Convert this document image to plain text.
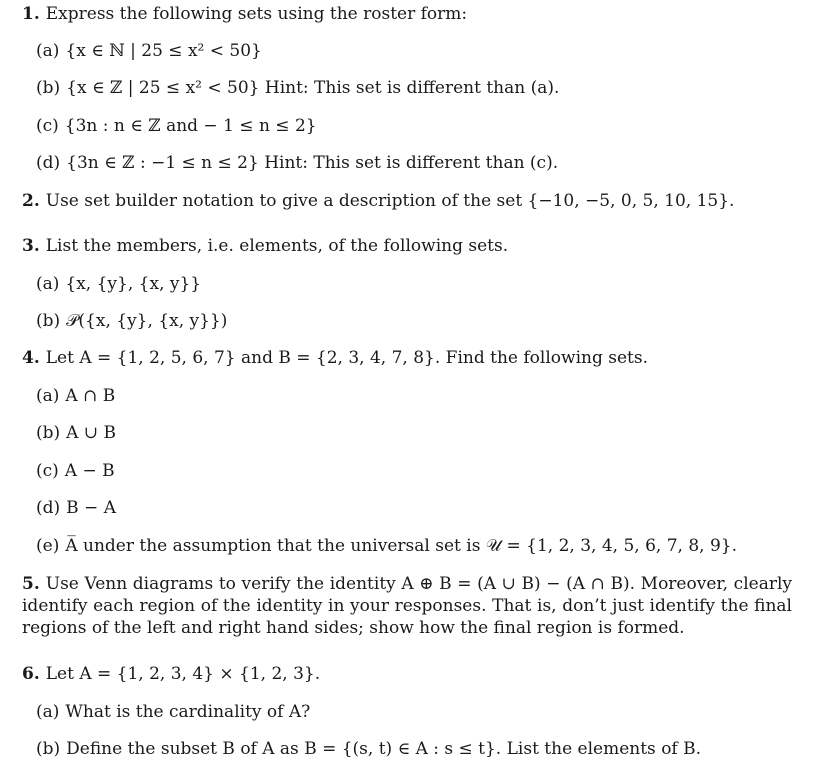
1. Express the following sets using the roster form:
(a) {x ∈ ℕ | 25 ≤ x² < 50}
(b) {x ∈ ℤ | 25 ≤ x² < 50} Hint: This set is different than (a).
(c) {3n : n ∈ ℤ and − 1 ≤ n ≤ 2}
(d) {3n ∈ ℤ : −1 ≤ n ≤ 2} Hint: This set is different than (c).
2. Use set builder notation to give a description of the set {−10, −5, 0, 5, 10, 15}.
3. List the members, i.e. elements, of the following sets.
(a) {x, {y}, {x, y}}
(b) 𝒫({x, {y}, {x, y}})
4. Let A = {1, 2, 5, 6, 7} and B = {2, 3, 4, 7, 8}. Find the following sets.
(a) A ∩ B
(b) A ∪ B
(c) A − B
(d) B − A
(e) A̅ under the assumption that the universal set is 𝒰 = {1, 2, 3, 4, 5, 6, 7, 8, 9}.
5. Use Venn diagrams to verify the identity A ⊕ B = (A ∪ B) − (A ∩ B). Moreover, clearly identify each region of the identity in your responses. That is, don’t just identify the final regions of the left and right hand sides; show how the final region is formed.
6. Let A = {1, 2, 3, 4} × {1, 2, 3}.
(a) What is the cardinality of A?
(b) Define the subset B of A as B = {(s, t) ∈ A : s ≤ t}. List the elements of B.
